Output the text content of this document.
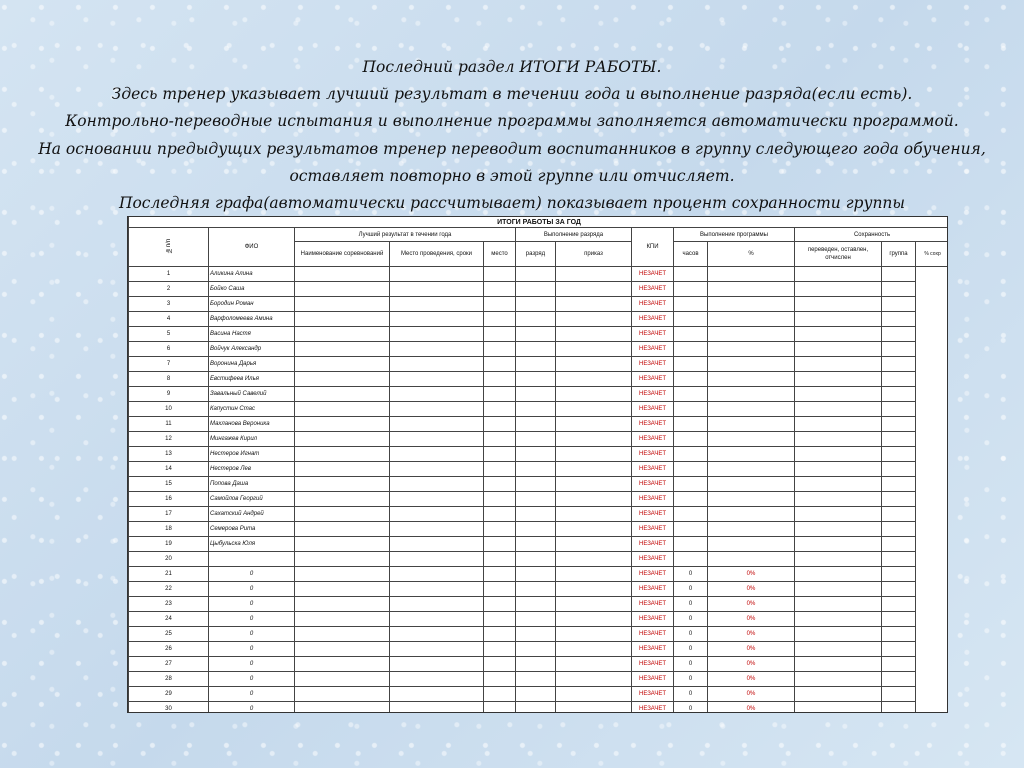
Последний раздел ИТОГИ РАБОТЫ.
Здесь тренер указывает лучший результат в течении года и выполнение разряда(если есть).
Контрольно-переводные испытания и выполнение программы заполняется автоматически программой.
На основании предыдущих результатов тренер переводит воспитанников в группу следующего года обучения,
оставляет повторно в этой группе или отчисляет.
Последняя графа(автоматически рассчитывает) показывает процент сохранности группы
ИТОГИ РАБОТЫ ЗА ГОД												
№п/п	ФИО	Лучший результат в течении года			Выполнение разряда		КПИ	Выполнение программы		Сохранность		
		Наименование соревнований	Место проведения, сроки	место	разряд	приказ		часов	%	переведен, оставлен, отчислен	группа	% сохр
1	Аликина Алина						НЕЗАЧЕТ					
2	Бойко Саша						НЕЗАЧЕТ					
3	Бородин Роман						НЕЗАЧЕТ					
4	Варфоломеева Амина						НЕЗАЧЕТ					
5	Васина Настя						НЕЗАЧЕТ					
6	Войчук Александр						НЕЗАЧЕТ					
7	Воронина Дарья						НЕЗАЧЕТ					
8	Евстифеев Илья						НЕЗАЧЕТ					
9	Завальный Савелий						НЕЗАЧЕТ					
10	Капустин Стас						НЕЗАЧЕТ					
11	Махланова Вероника						НЕЗАЧЕТ					
12	Мингажев Кирил						НЕЗАЧЕТ					
13	Нестеров Игнат						НЕЗАЧЕТ					
14	Нестеров Лев						НЕЗАЧЕТ					
15	Попова Даша						НЕЗАЧЕТ					
16	Самойлов Георгий						НЕЗАЧЕТ					
17	Сахатский Андрей						НЕЗАЧЕТ					
18	Семерова Рита						НЕЗАЧЕТ					
19	Цыбульска Юля						НЕЗАЧЕТ					
20							НЕЗАЧЕТ					
21	0						НЕЗАЧЕТ	0	0%			
22	0						НЕЗАЧЕТ	0	0%			
23	0						НЕЗАЧЕТ	0	0%			
24	0						НЕЗАЧЕТ	0	0%			
25	0						НЕЗАЧЕТ	0	0%			
26	0						НЕЗАЧЕТ	0	0%			
27	0						НЕЗАЧЕТ	0	0%			
28	0						НЕЗАЧЕТ	0	0%			
29	0						НЕЗАЧЕТ	0	0%			
30	0						НЕЗАЧЕТ	0	0%			
